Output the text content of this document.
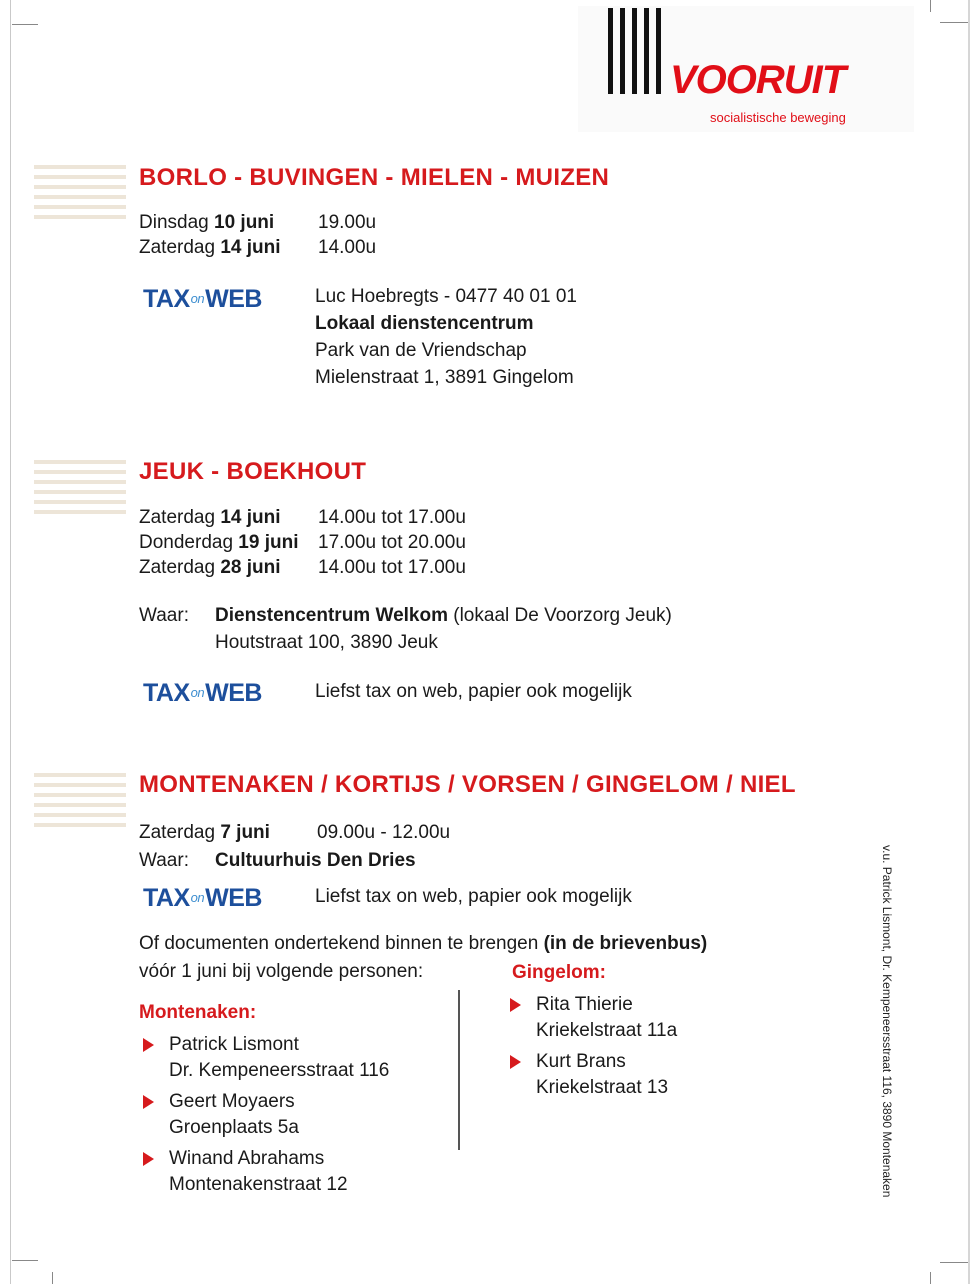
VOORUIT
socialistische beweging
BORLO - BUVINGEN - MIELEN - MUIZEN
Dinsdag 10 juni 19.00u
Zaterdag 14 juni 14.00u
TAXonWEB	Luc Hoebregts - 0477 40 01 01
Lokaal dienstencentrum
Park van de Vriendschap
Mielenstraat 1, 3891 Gingelom
JEUK - BOEKHOUT
Zaterdag 14 juni 14.00u tot 17.00u
Donderdag 19 juni 17.00u tot 20.00u
Zaterdag 28 juni 14.00u tot 17.00u
Waar: Dienstencentrum Welkom (lokaal De Voorzorg Jeuk)
Houtstraat 100, 3890 Jeuk
TAXonWEB	Liefst tax on web, papier ook mogelijk
MONTENAKEN / KORTIJS / VORSEN / GINGELOM / NIEL
Zaterdag 7 juni 09.00u - 12.00u
Waar: Cultuurhuis Den Dries
TAXonWEB	Liefst tax on web, papier ook mogelijk
Of documenten ondertekend binnen te brengen (in de brievenbus)
vóór 1 juni bij volgende personen:
Montenaken:
Patrick Lismont
Dr. Kempeneersstraat 116
Geert Moyaers
Groenplaats 5a
Winand Abrahams
Montenakenstraat 12
Gingelom:
Rita Thierie
Kriekelstraat 11a
Kurt Brans
Kriekelstraat 13	v.u. Patrick Lismont, Dr. Kempeneersstraat 116, 3890 Montenaken
